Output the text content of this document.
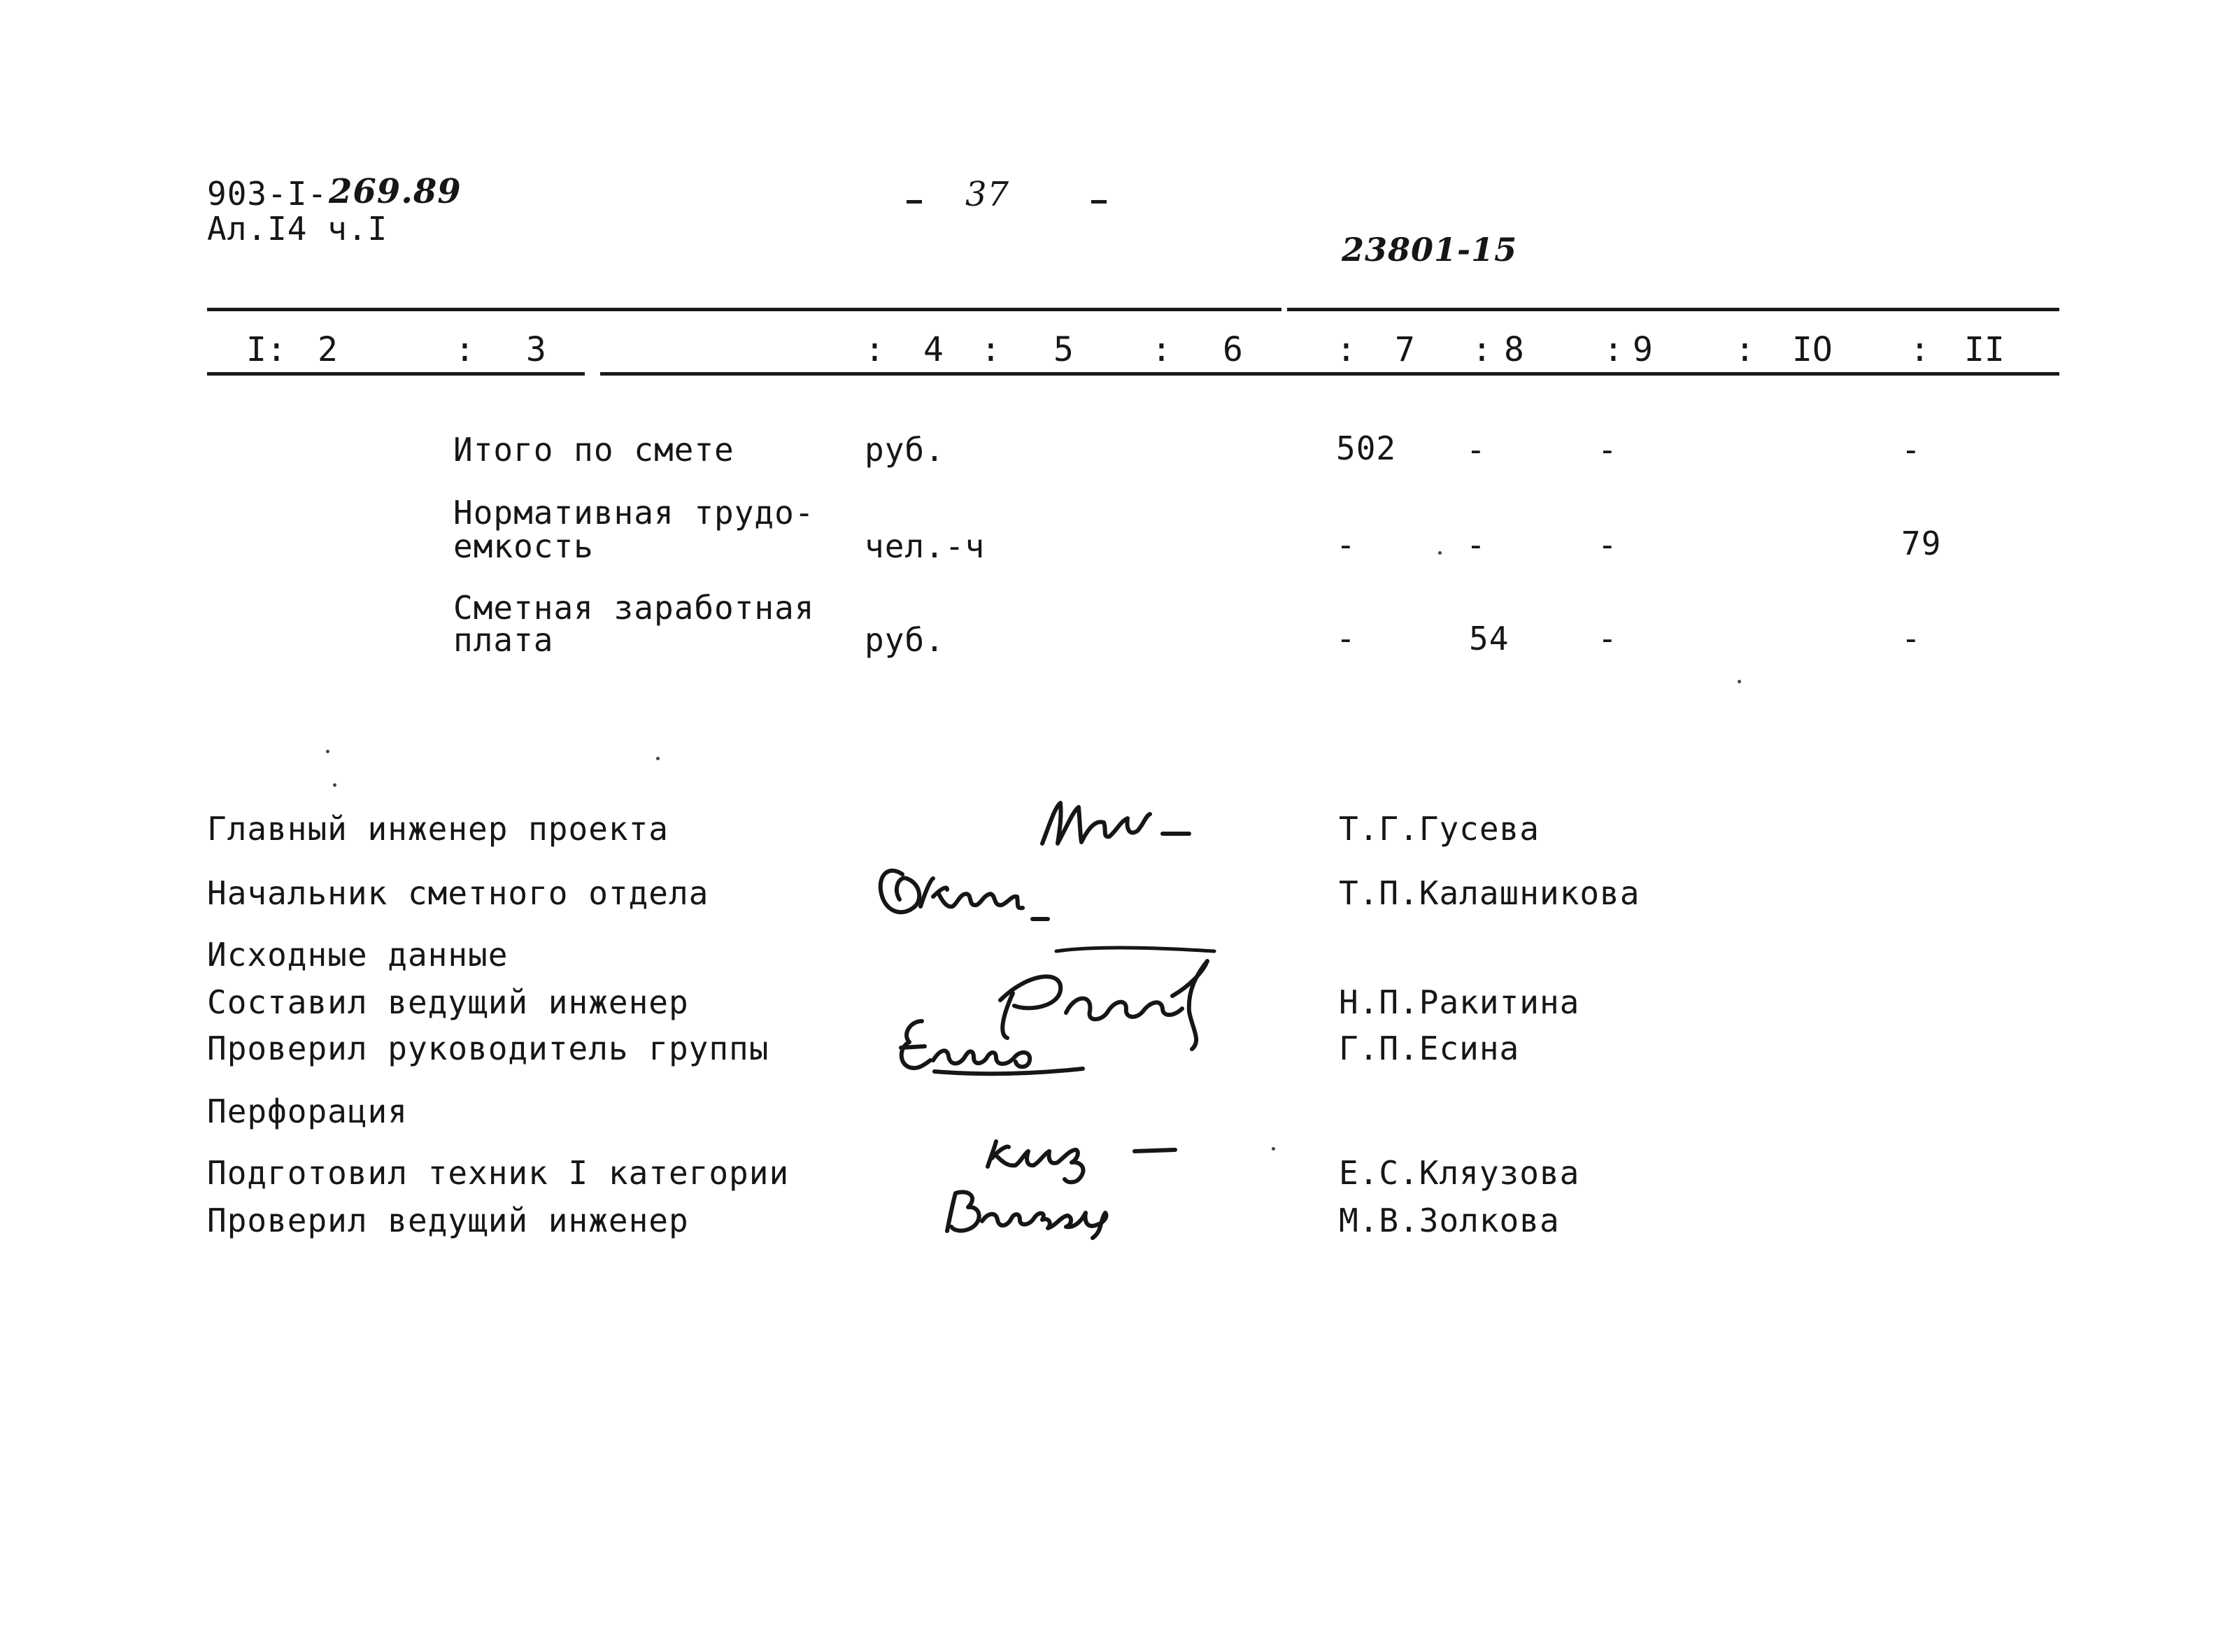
903-I- 269.89
Ал.I4 ч.I
37
23801-15
I: 2	: 3	: 4 : 5 : 6	: 7 : 8 : 9 : IO : II
Итого по смете	руб.	502 -	-	-
Нормативная трудо-
емкость	чел.-ч	-	-	-	79
Сметная заработная
плата	руб.	-	54	-	-
Главный инженер проекта	Т.Г.Гусева
Начальник сметного отдела	Т.П.Калашникова
Исходные данные
Составил ведущий инженер	Н.П.Ракитина
Проверил руководитель группы	Г.П.Есина
Перфорация
Подготовил техник I категории	Е.С.Кляузова
Проверил ведущий инженер	М.В.Золкова
